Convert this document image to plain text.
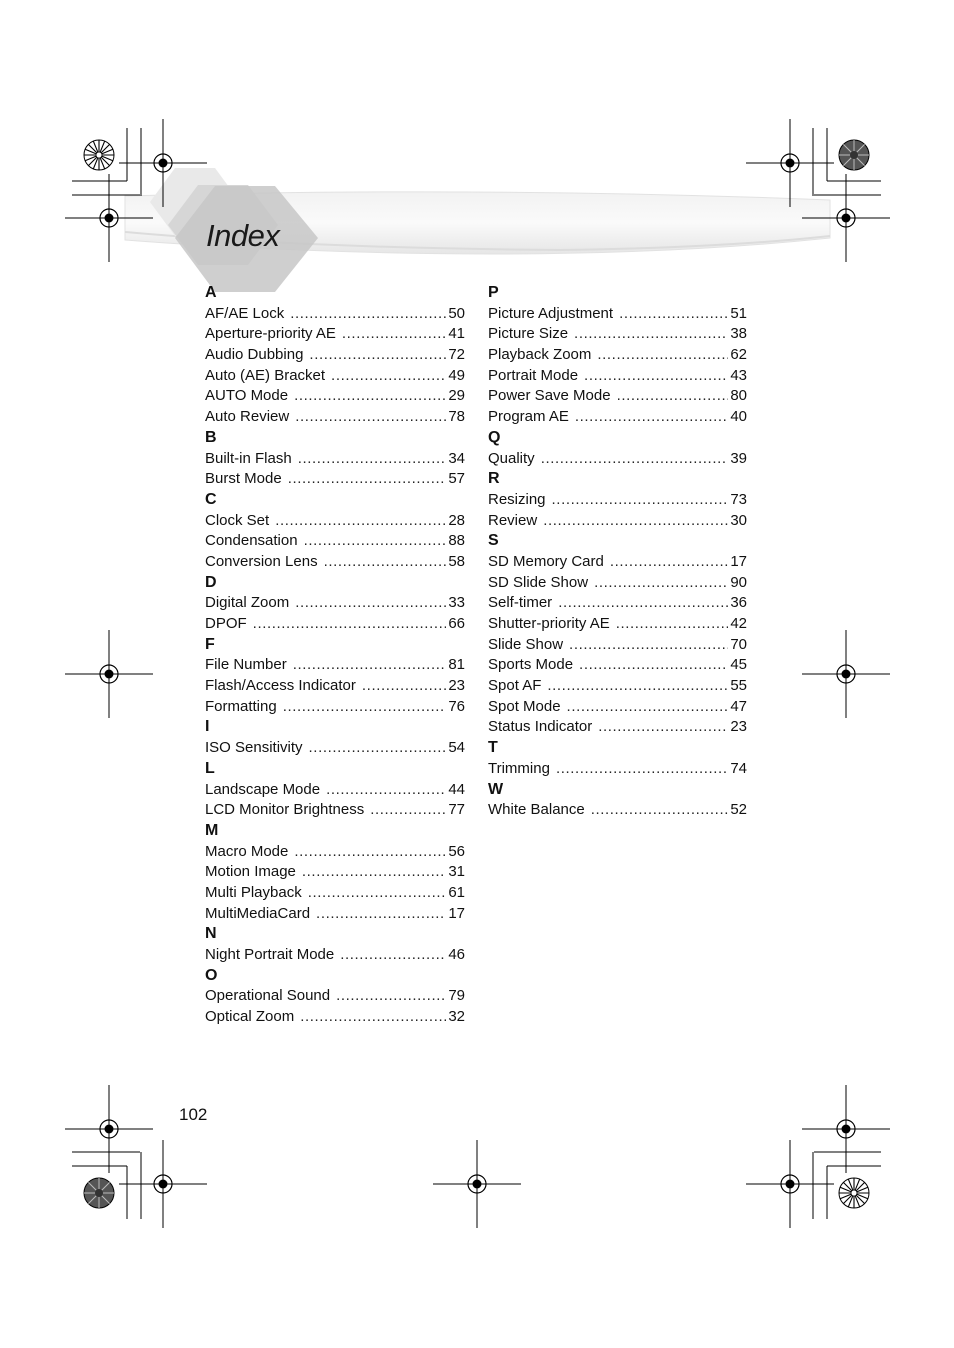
Index
A
AF/AE Lock .....	50
Aperture-priority AE .....	41
Audio Dubbing .....	72
Auto (AE) Bracket .....	49
AUTO Mode .....	29
Auto Review .....	78
B
Built-in Flash .....	34
Burst Mode .....	57
C
Clock Set .....	28
Condensation .....	88
Conversion Lens .....	58
D
Digital Zoom .....	33
DPOF .....	66
F
File Number .....	81
Flash/Access Indicator .....	23
Formatting .....	76
I
ISO Sensitivity .....	54
L
Landscape Mode .....	44
LCD Monitor Brightness .....	77
M
Macro Mode .....	56
Motion Image .....	31
Multi Playback .....	61
MultiMediaCard .....	17
N
Night Portrait Mode .....	46
O
Operational Sound .....	79
Optical Zoom .....	32
P
Picture Adjustment .....	51
Picture Size .....	38
Playback Zoom .....	62
Portrait Mode .....	43
Power Save Mode .....	80
Program AE .....	40
Q
Quality .....	39
R
Resizing .....	73
Review .....	30
S
SD Memory Card .....	17
SD Slide Show .....	90
Self-timer .....	36
Shutter-priority AE .....	42
Slide Show .....	70
Sports Mode .....	45
Spot AF .....	55
Spot Mode .....	47
Status Indicator .....	23
T
Trimming .....	74
W
White Balance .....	52
102
